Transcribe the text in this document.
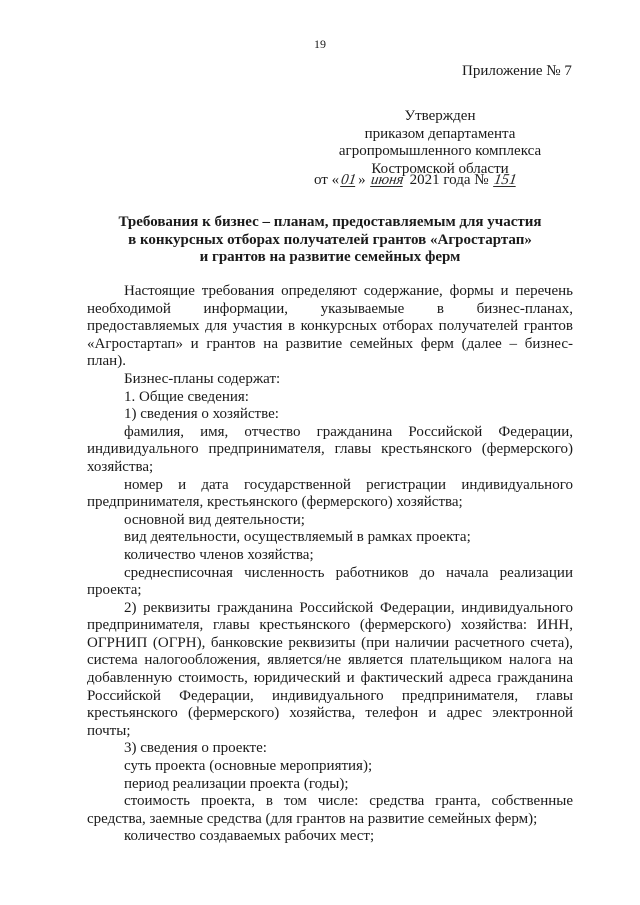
19
Приложение № 7
Утвержден
приказом департамента
агропромышленного комплекса
Костромской области
от «01» июня 2021 года № 151
Требования к бизнес – планам, предоставляемым для участия
в конкурсных отборах получателей грантов «Агростартап»
и грантов на развитие семейных ферм

Настоящие требования определяют содержание, формы и перечень необходимой информации, указываемые в бизнес-планах, предоставляемых для участия в конкурсных отборах получателей грантов «Агростартап» и грантов на развитие семейных ферм (далее – бизнес-план).

Бизнес-планы содержат:

1. Общие сведения:

1) сведения о хозяйстве:

фамилия, имя, отчество гражданина Российской Федерации, индивидуального предпринимателя, главы крестьянского (фермерского) хозяйства;

номер и дата государственной регистрации индивидуального предпринимателя, крестьянского (фермерского) хозяйства;

основной вид деятельности;

вид деятельности, осуществляемый в рамках проекта;

количество членов хозяйства;

среднесписочная численность работников до начала реализации проекта;

2) реквизиты гражданина Российской Федерации, индивидуального предпринимателя, главы крестьянского (фермерского) хозяйства: ИНН, ОГРНИП (ОГРН), банковские реквизиты (при наличии расчетного счета), система налогообложения, является/не является плательщиком налога на добавленную стоимость, юридический и фактический адреса гражданина Российской Федерации, индивидуального предпринимателя, главы крестьянского (фермерского) хозяйства, телефон и адрес электронной почты;

3) сведения о проекте:

суть проекта (основные мероприятия);

период реализации проекта (годы);

стоимость проекта, в том числе: средства гранта, собственные средства, заемные средства (для грантов на развитие семейных ферм);

количество создаваемых рабочих мест;
